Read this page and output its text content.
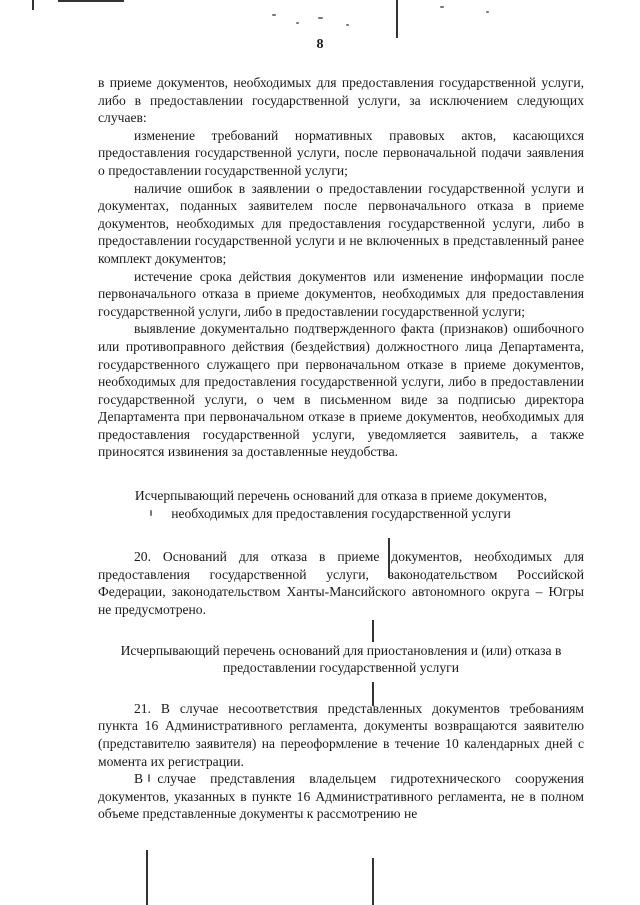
8

в приеме документов, необходимых для предоставления государственной услуги, либо в предоставлении государственной услуги, за исключением следующих случаев:

изменение требований нормативных правовых актов, касающихся предоставления государственной услуги, после первоначальной подачи заявления о предоставлении государственной услуги;

наличие ошибок в заявлении о предоставлении государственной услуги и документах, поданных заявителем после первоначального отказа в приеме документов, необходимых для предоставления государственной услуги, либо в предоставлении государственной услуги и не включенных в представленный ранее комплект документов;

истечение срока действия документов или изменение информации после первоначального отказа в приеме документов, необходимых для предоставления государственной услуги, либо в предоставлении государственной услуги;

выявление документально подтвержденного факта (признаков) ошибочного или противоправного действия (бездействия) должностного лица Департамента, государственного служащего при первоначальном отказе в приеме документов, необходимых для предоставления государственной услуги, либо в предоставлении государственной услуги, о чем в письменном виде за подписью директора Департамента при первоначальном отказе в приеме документов, необходимых для предоставления государственной услуги, уведомляется заявитель, а также приносятся извинения за доставленные неудобства.

Исчерпывающий перечень оснований для отказа в приеме документов, необходимых для предоставления государственной услуги

20. Оснований для отказа в приеме документов, необходимых для предоставления государственной услуги, законодательством Российской Федерации, законодательством Ханты-Мансийского автономного округа – Югры не предусмотрено.

Исчерпывающий перечень оснований для приостановления и (или) отказа в предоставлении государственной услуги

21. В случае несоответствия представленных документов требованиям пункта 16 Административного регламента, документы возвращаются заявителю (представителю заявителя) на переоформление в течение 10 календарных дней с момента их регистрации.

В случае представления владельцем гидротехнического сооружения документов, указанных в пункте 16 Административного регламента, не в полном объеме представленные документы к рассмотрению не
